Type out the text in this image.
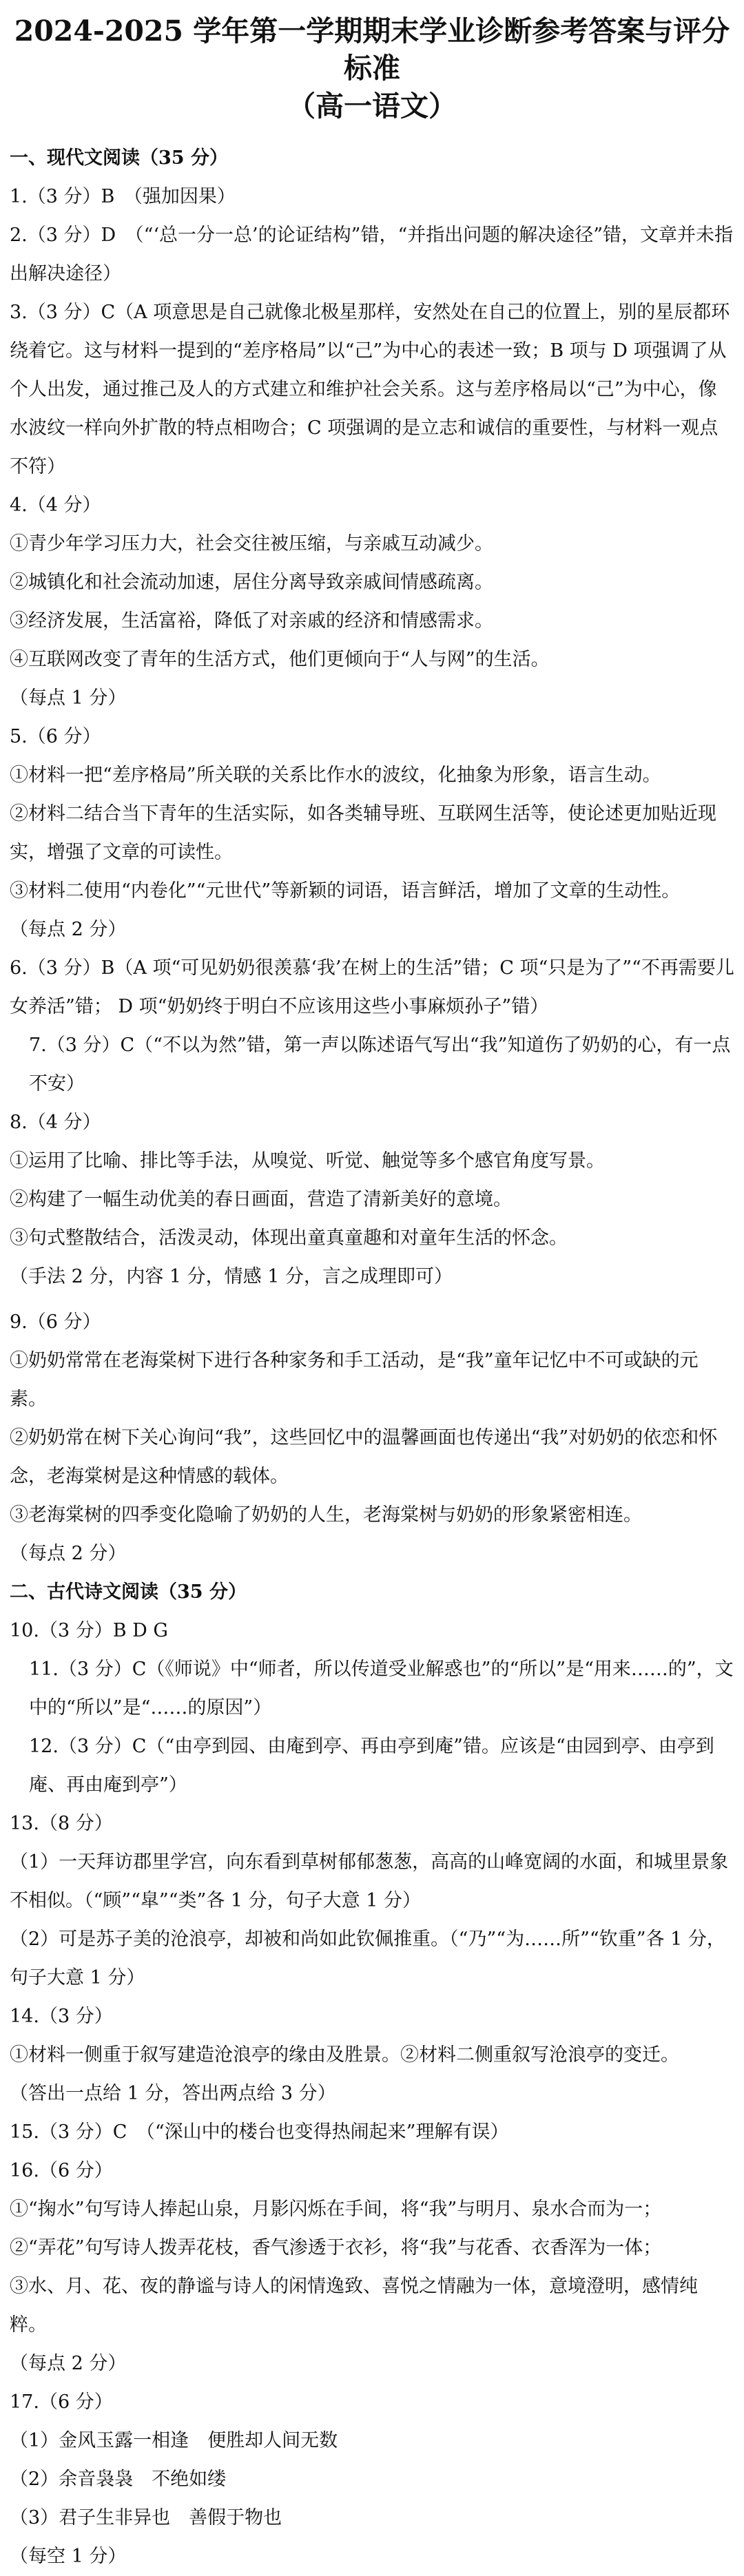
2024-2025 学年第一学期期末学业诊断参考答案与评分标准
（高一语文）
一、现代文阅读（35 分）
1.（3 分）B　（强加因果）
2.（3 分）D　（“‘总一分一总’的论证结构”错，“并指出问题的解决途径”错，文章并未指出解决途径）
3.（3 分）C（A 项意思是自己就像北极星那样，安然处在自己的位置上，别的星辰都环绕着它。这与材料一提到的“差序格局”以“己”为中心的表述一致；B 项与 D 项强调了从个人出发，通过推己及人的方式建立和维护社会关系。这与差序格局以“己”为中心，像水波纹一样向外扩散的特点相吻合；C 项强调的是立志和诚信的重要性，与材料一观点不符）
4.（4 分）
①青少年学习压力大，社会交往被压缩，与亲戚互动减少。
②城镇化和社会流动加速，居住分离导致亲戚间情感疏离。
③经济发展，生活富裕，降低了对亲戚的经济和情感需求。
④互联网改变了青年的生活方式，他们更倾向于“人与网”的生活。
（每点 1 分）
5.（6 分）
①材料一把“差序格局”所关联的关系比作水的波纹，化抽象为形象，语言生动。
②材料二结合当下青年的生活实际，如各类辅导班、互联网生活等，使论述更加贴近现实，增强了文章的可读性。
③材料二使用“内卷化”“元世代”等新颖的词语，语言鲜活，增加了文章的生动性。
（每点 2 分）
6.（3 分）B（A 项“可见奶奶很羡慕‘我’在树上的生活”错；C 项“只是为了”“不再需要儿女养活”错； D 项“奶奶终于明白不应该用这些小事麻烦孙子”错）
7.（3 分）C（“不以为然”错，第一声以陈述语气写出“我”知道伤了奶奶的心，有一点不安）
8.（4 分）
①运用了比喻、排比等手法，从嗅觉、听觉、触觉等多个感官角度写景。
②构建了一幅生动优美的春日画面，营造了清新美好的意境。
③句式整散结合，活泼灵动，体现出童真童趣和对童年生活的怀念。
（手法 2 分，内容 1 分，情感 1 分，言之成理即可）
9.（6 分）
①奶奶常常在老海棠树下进行各种家务和手工活动，是“我”童年记忆中不可或缺的元素。
②奶奶常在树下关心询问“我”，这些回忆中的温馨画面也传递出“我”对奶奶的依恋和怀念，老海棠树是这种情感的载体。
③老海棠树的四季变化隐喻了奶奶的人生，老海棠树与奶奶的形象紧密相连。
（每点 2 分）
二、古代诗文阅读（35 分）
10.（3 分）B D G
11.（3 分）C（《师说》中“师者，所以传道受业解惑也”的“所以”是“用来……的”，文中的“所以”是“……的原因”）
12.（3 分）C（“由亭到园、由庵到亭、再由亭到庵”错。应该是“由园到亭、由亭到庵、再由庵到亭”）
13.（8 分）
（1）一天拜访郡里学宫，向东看到草树郁郁葱葱，高高的山峰宽阔的水面，和城里景象不相似。（“顾”“皐”“类”各 1 分，句子大意 1 分）
（2）可是苏子美的沧浪亭，却被和尚如此钦佩推重。（“乃”“为……所”“钦重”各 1 分，句子大意 1 分）
14.（3 分）
①材料一侧重于叙写建造沧浪亭的缘由及胜景。②材料二侧重叙写沧浪亭的变迁。
（答出一点给 1 分，答出两点给 3 分）
15.（3 分）C　（“深山中的楼台也变得热闹起来”理解有误）
16.（6 分）
①“掬水”句写诗人捧起山泉，月影闪烁在手间，将“我”与明月、泉水合而为一；
②“弄花”句写诗人拨弄花枝，香气渗透于衣衫，将“我”与花香、衣香浑为一体；
③水、月、花、夜的静谧与诗人的闲情逸致、喜悦之情融为一体，意境澄明，感情纯粹。
（每点 2 分）
17.（6 分）
（1）金风玉露一相逢　便胜却人间无数
（2）余音袅袅　不绝如缕
（3）君子生非异也　善假于物也
（每空 1 分）
